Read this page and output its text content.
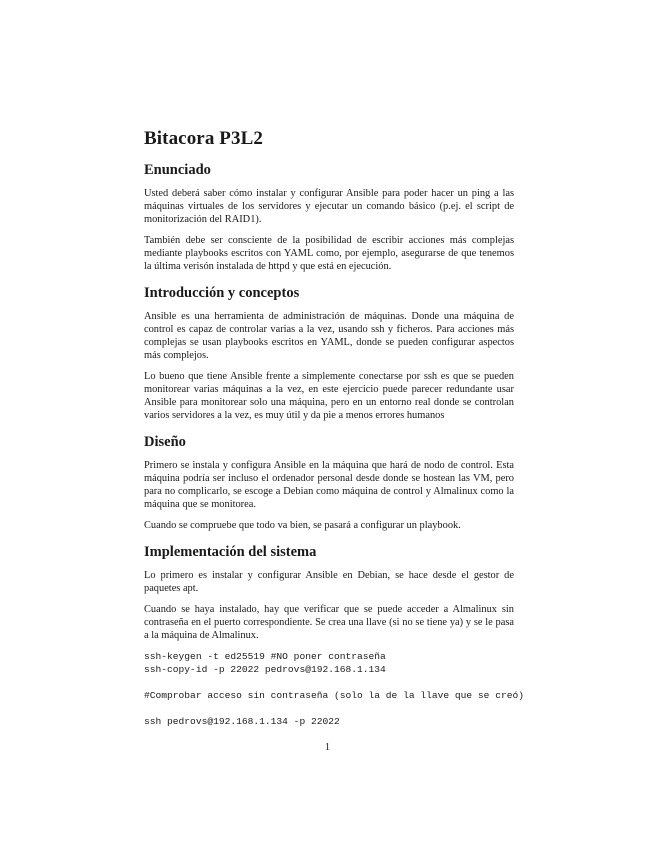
Bitacora P3L2
Enunciado

Usted deberá saber cómo instalar y configurar Ansible para poder hacer un ping a las máquinas virtuales de los servidores y ejecutar un comando básico (p.ej. el script de monitorización del RAID1).

También debe ser consciente de la posibilidad de escribir acciones más complejas mediante playbooks escritos con YAML como, por ejemplo, asegurarse de que tenemos la última verisón instalada de httpd y que está en ejecución.

Introducción y conceptos

Ansible es una herramienta de administración de máquinas. Donde una máquina de control es capaz de controlar varias a la vez, usando ssh y ficheros. Para acciones más complejas se usan playbooks escritos en YAML, donde se pueden configurar aspectos más complejos.

Lo bueno que tiene Ansible frente a simplemente conectarse por ssh es que se pueden monitorear varias máquinas a la vez, en este ejercicio puede parecer redundante usar Ansible para monitorear solo una máquina, pero en un entorno real donde se controlan varios servidores a la vez, es muy útil y da pie a menos errores humanos

Diseño

Primero se instala y configura Ansible en la máquina que hará de nodo de control. Esta máquina podría ser incluso el ordenador personal desde donde se hostean las VM, pero para no complicarlo, se escoge a Debian como máquina de control y Almalinux como la máquina que se monitorea.

Cuando se compruebe que todo va bien, se pasará a configurar un playbook.

Implementación del sistema

Lo primero es instalar y configurar Ansible en Debian, se hace desde el gestor de paquetes apt.

Cuando se haya instalado, hay que verificar que se puede acceder a Almalinux sin contraseña en el puerto correspondiente. Se crea una llave (si no se tiene ya) y se le pasa a la máquina de Almalinux.

ssh-keygen -t ed25519 #NO poner contraseña
ssh-copy-id -p 22022 pedrovs@192.168.1.134
#Comprobar acceso sin contraseña (solo la de la llave que se creó)
ssh pedrovs@192.168.1.134 -p 22022
1
